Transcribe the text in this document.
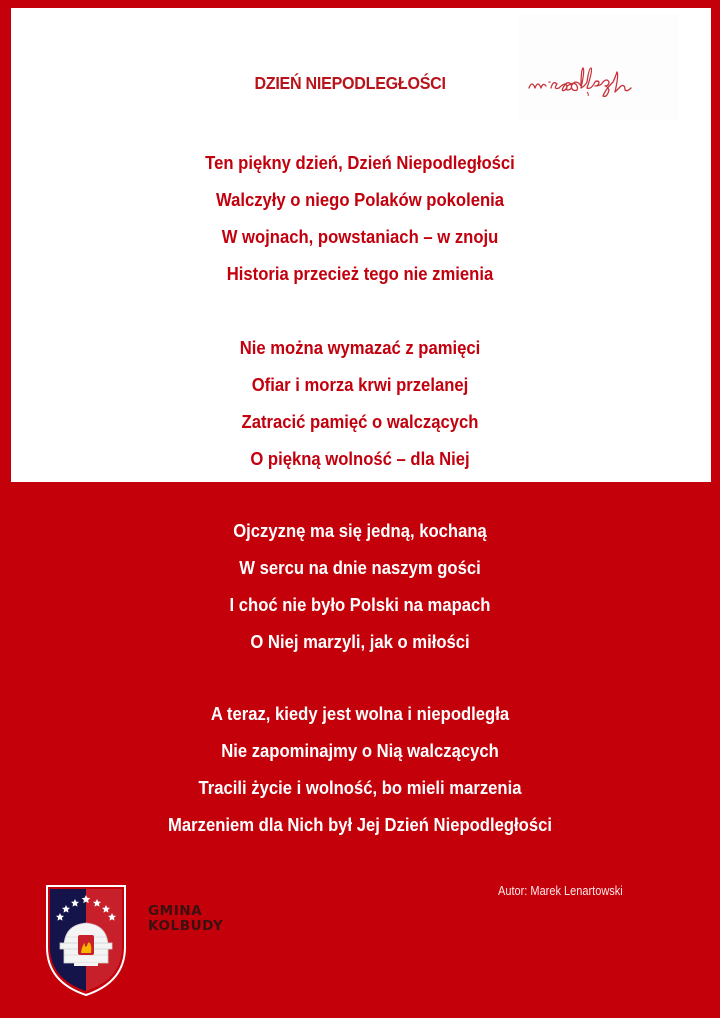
DZIEŃ NIEPODLEGŁOŚCI
Ten piękny dzień, Dzień Niepodległości
Walczyły o niego Polaków pokolenia
W wojnach, powstaniach – w znoju
Historia przecież tego nie zmienia
Nie można wymazać z pamięci
Ofiar i morza krwi przelanej
Zatracić pamięć o walczących
O piękną wolność – dla Niej
Ojczyznę ma się jedną, kochaną
W sercu na dnie naszym gości
I choć nie było Polski na mapach
O Niej marzyli, jak o miłości
A teraz, kiedy jest wolna i niepodległa
Nie zapominajmy o Nią walczących
Tracili życie i wolność, bo mieli marzenia
Marzeniem dla Nich był Jej Dzień Niepodległości
Autor: Marek Lenartowski
GMINA
KOLBUDY
